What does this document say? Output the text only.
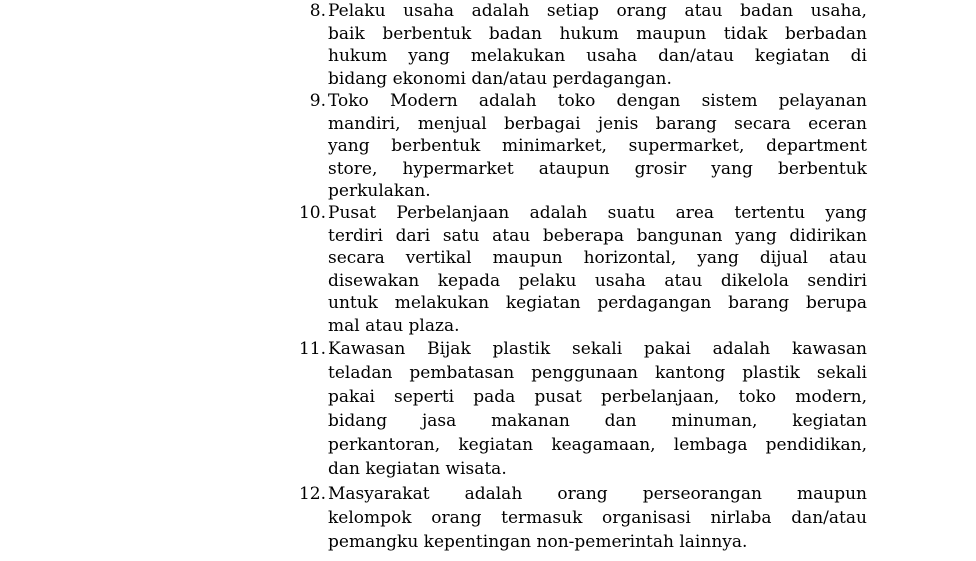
8. Pelaku usaha adalah setiap orang atau badan usaha,
baik berbentuk badan hukum maupun tidak berbadan
hukum yang melakukan usaha dan/atau kegiatan di
bidang ekonomi dan/atau perdagangan.
9. Toko Modern adalah toko dengan sistem pelayanan
mandiri, menjual berbagai jenis barang secara eceran
yang berbentuk minimarket, supermarket, department
store, hypermarket ataupun grosir yang berbentuk
perkulakan.
10. Pusat Perbelanjaan adalah suatu area tertentu yang
terdiri dari satu atau beberapa bangunan yang didirikan
secara vertikal maupun horizontal, yang dijual atau
disewakan kepada pelaku usaha atau dikelola sendiri
untuk melakukan kegiatan perdagangan barang berupa
mal atau plaza.
11. Kawasan Bijak plastik sekali pakai adalah kawasan
teladan pembatasan penggunaan kantong plastik sekali
pakai seperti pada pusat perbelanjaan, toko modern,
bidang jasa makanan dan minuman, kegiatan
perkantoran, kegiatan keagamaan, lembaga pendidikan,
dan kegiatan wisata.
12. Masyarakat adalah orang perseorangan maupun
kelompok orang termasuk organisasi nirlaba dan/atau
pemangku kepentingan non-pemerintah lainnya.
